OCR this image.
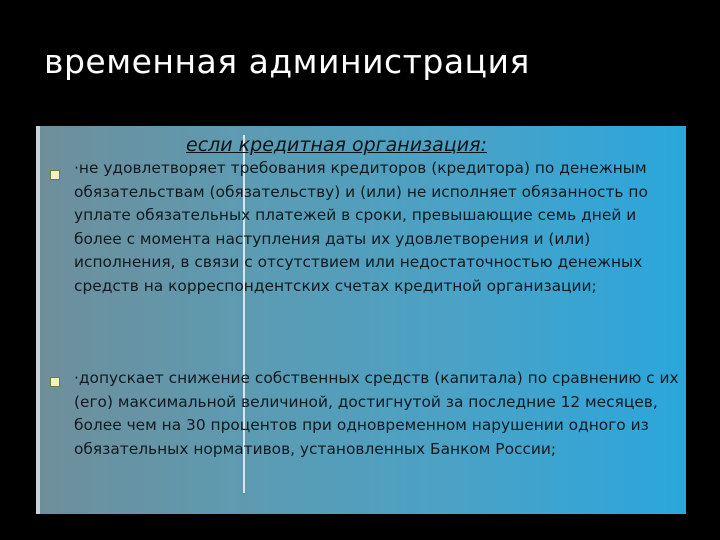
временная администрация
если кредитная организация:
·не удовлетворяет требования кредиторов (кредитора) по денежным обязательствам (обязательству) и (или) не исполняет обязанность по уплате обязательных платежей в сроки, превышающие семь дней и более с момента наступления даты их удовлетворения и (или) исполнения, в связи с отсутствием или недостаточностью денежных средств на корреспондентских счетах кредитной организации;
·допускает снижение собственных средств (капитала) по сравнению с их (его) максимальной величиной, достигнутой за последние 12 месяцев, более чем на 30 процентов при одновременном нарушении одного из обязательных нормативов, установленных Банком России;
